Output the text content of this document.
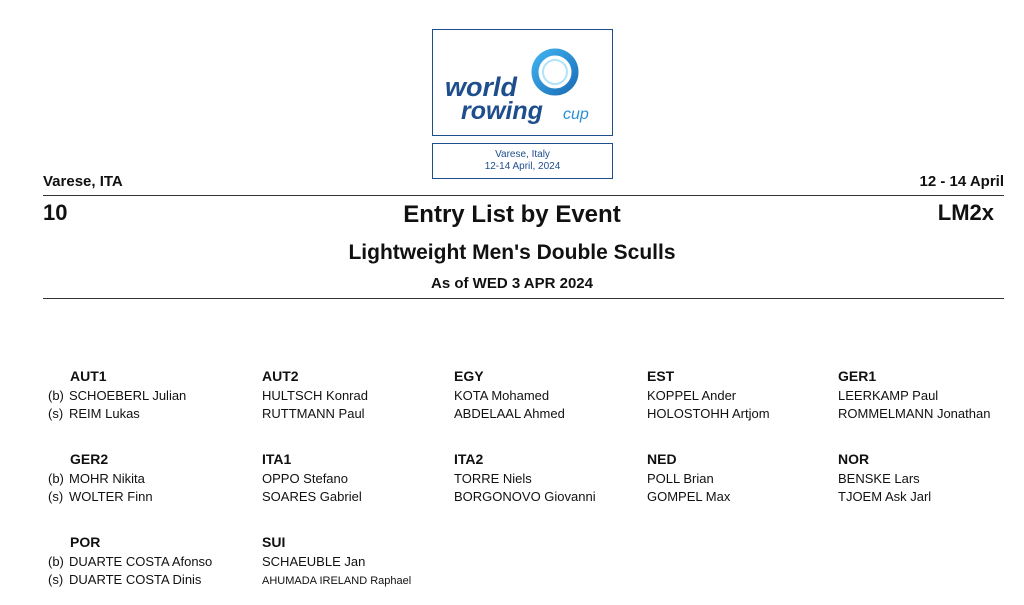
world
rowing cup
Varese, Italy
12-14 April, 2024
Varese, ITA	12 - 14 April
10	Entry List by Event	LM2x
Lightweight Men's Double Sculls
As of WED 3 APR 2024
AUT1
(b) SCHOEBERL Julian
(s) REIM Lukas
AUT2
HULTSCH Konrad
RUTTMANN Paul
EGY
KOTA Mohamed
ABDELAAL Ahmed
EST
KOPPEL Ander
HOLOSTOHH Artjom
GER1
LEERKAMP Paul
ROMMELMANN Jonathan
GER2
(b) MOHR Nikita
(s) WOLTER Finn
ITA1
OPPO Stefano
SOARES Gabriel
ITA2
TORRE Niels
BORGONOVO Giovanni
NED
POLL Brian
GOMPEL Max
NOR
BENSKE Lars
TJOEM Ask Jarl
POR
(b) DUARTE COSTA Afonso
(s) DUARTE COSTA Dinis
SUI
SCHAEUBLE Jan
AHUMADA IRELAND Raphael
